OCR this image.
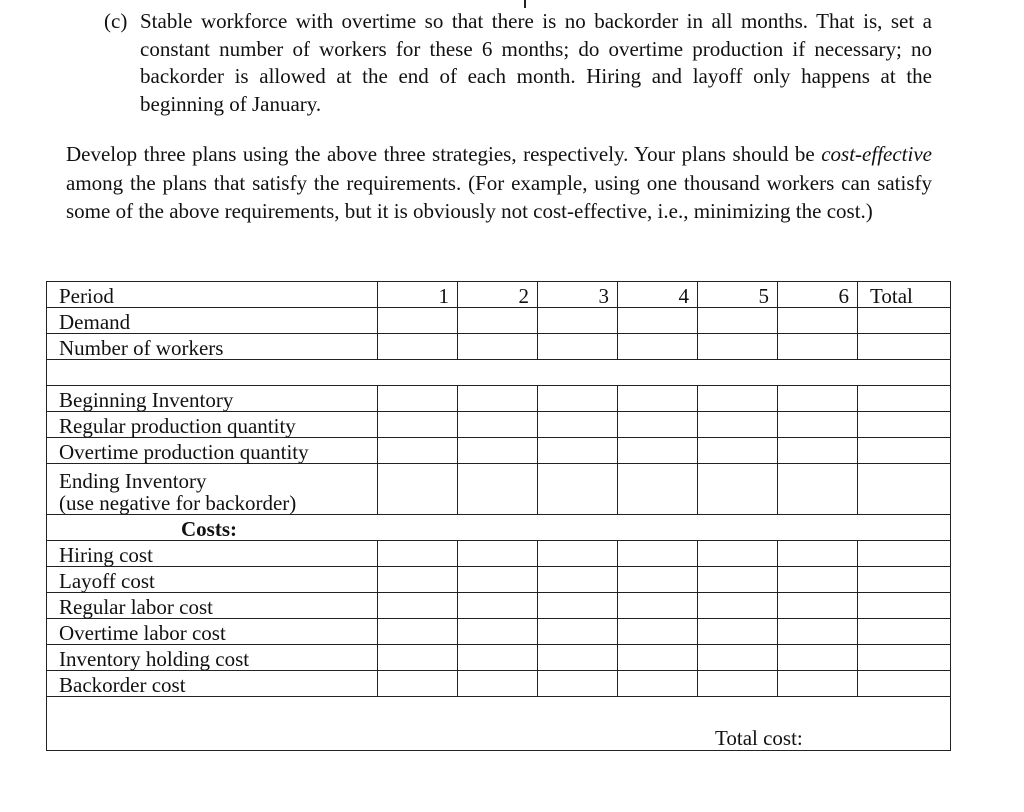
(c) Stable workforce with overtime so that there is no backorder in all months. That is, set a constant number of workers for these 6 months; do overtime production if necessary; no backorder is allowed at the end of each month. Hiring and layoff only happens at the beginning of January.
Develop three plans using the above three strategies, respectively. Your plans should be cost-effective among the plans that satisfy the requirements. (For example, using one thousand workers can satisfy some of the above requirements, but it is obviously not cost-effective, i.e., minimizing the cost.)
Period	1	2	3	4	5	6	Total
Demand							
Number of workers							

Beginning Inventory							
Regular production quantity							
Overtime production quantity							

Ending Inventory
(use negative for backorder)							

Costs:							
Hiring cost							
Layoff cost							
Regular labor cost							
Overtime labor cost							
Inventory holding cost							
Backorder cost							
Total cost:							
